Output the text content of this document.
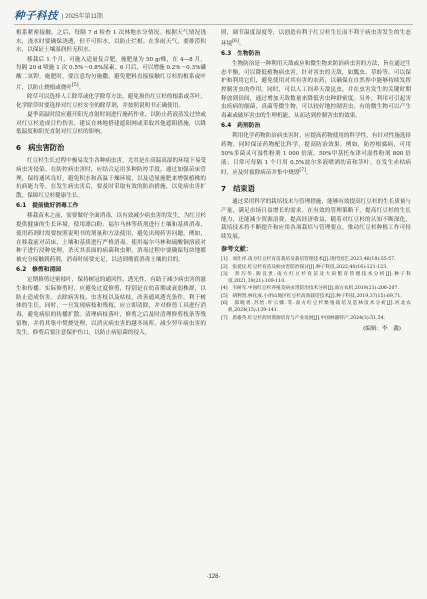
种子科技 | 2025年第11期

根系紧密接触。之后，每隔 7 d 检查 1 次林地水分情况。根据天气情况浇水，浇水时要确保浇透，但不可积水，以防止烂根。在多雨天气，要排涝积水，以保证土壤湿润但无积水。

移栽后 1 个月，可施入适量复合肥。施肥量为 50 g/株，在 4—8 月，每隔 20 d 喷施 1 次 0.5%～0.8%尿素，6 月后，可以增施 0.2%～0.3%磷酸二氢钾。施肥时，要注意均匀施撒，避免肥料直接接触红豆杉的根系或叶片，以防止烧根或烧叶[5]。

除草可以选择人工除草或化学除草方法，避免损伤红豆杉的根系或茎叶。化学除草时要选择对红豆杉安全的除草剂，并按照说明书正确使用。

夏季高温时段应避开阳光直射时间进行施药作业，以防止药液蒸发过快或对红豆杉造成日灼伤害。建议在林地搭建遮阳网或采取其他遮阳措施，以降低温度和阳光直射对红豆杉的影响。

6　病虫害防治

红豆杉生长过程中极易发生各种病虫害，尤其是在高温高湿的环境下易受病虫害侵染。在防控病虫害时，应结合运用多种防控手段，通过加强苗床管理，保持通风良好，避免积水和高温干燥环境，以及适量施肥来增强植株的抗病能力等。在发生病虫害后，要及时采取有效的防治措施，以免病虫害扩散，保障红豆杉健康生长。

6.1　提前做好消毒工作

移栽苗木之前，需要做好全面消毒，以有效减少病虫害的发生，为红豆杉提供健康的生长环境。使用漂白粉、福尔马林等药剂进行土壤和基质消毒，使用药剂时需要按照说明书的剂量和方法使用，避免出现药害问题。例如，在移栽前对苗床、土壤和基质进行严格消毒。使用福尔马林和硫酸铜溶液对种子进行浸种处理，杀灭其表面的病菌和虫卵。消毒过程中要确保每块地都被充分接触到药剂，消毒时间要充足，以达到彻底消毒土壤的目的。

6.2　修剪和清园

定期修剪过密枝叶，保持树冠的通风性、透光性，有助于减少病虫害的滋生和传播。实际修剪时，应避免过度修剪，特别是在幼苗期或衰弱株群，以防止造成伤害。去除病害枝、虫害枝以及枯枝，改善通风透光条件，利于树体的生长。同时，一旦发现病枝和残枝，应立即清除，并对修剪工具进行消毒，避免病原的传播扩散。清理病枝落叶，修剪之后及时清理修剪枝条等残留物，并将其集中焚烧处理，以消灭病虫害的越冬场所，减少翌年病虫害的发生。修剪后要注意保护伤口，以防止病原菌的侵入。

照，调节温度湿度等，以创造有利于红豆杉生长而不利于病虫害发生的生态环境[6]。

6.3　生物防治

生物防治是一种利用天敌或应和微生物来防治病虫害的方法，旨在通过生态平衡，可以降低植物病虫害。针对害虫的天敌，如瓢虫、草蛉等，可以保护和利用它们，避免使用对其有害的农药，以确保在自然界中能够持续发挥控制害虫的作用。同时，可以人工饲养天敌昆虫，并在虫害发生的关键时期释放到田间，通过增加天敌数量来降低害虫种群密度。另外，利用可引起害虫疾病的细菌、真菌等微生物，可以较好地控制害虫。有的微生物可以产生毒素或破坏害虫的生理机能，从而达到控制害虫的效果。

6.4　药剂防治

利用化学药物防治病虫害时，应提高药物使用的科学性，有针对性施选择药物，同时保证药物配比科学，提高防治效果。例如，防控根腐病，可用 50%多菌灵可湿性粉剂 1 000 倍液、50%甲基托布津可湿性粉剂 800 倍液；日常可每隔 1 个月用 0.5%波尔多液喷洒幼苗和茎叶。在发生赤枯病时，应及时拔除病苗并集中烧毁[7]。

7　结束语

通过采用科学的栽培技术与管理措施，能够有效提高红豆杉的生长质量与产量，满足市场日益增长的需求。在有效的管理策略下，提高红豆杉的生长能力，还能减少资源浪费，提高经济收益，随着对红豆杉的认知不断深化，栽培技术将不断提升和应用各项栽培与管理要点，推动红豆杉种植工作可持续发展。

参考文献：

[1]　刘仕祥.南方红豆杉育苗栽培及栽培管理技术[J].现代园艺,2023,46(18):55-57.

[2]　张爱民.红豆杉育苗及病虫害防治探讨[J].种子科技,2022,40(16):121-123.

[3]　彭巧华.陶良贵.南方红豆杉育苗及大田繁育管理技术分析[J].种子科技,2021,39(21):109-110.

[4]　韦树军.中国红豆杉养殖及病虫害防治技术分析[J].南方农机,2019(21):206-207.

[5]　胡利贤.林化成.小朗山地区红豆杉高效栽培技术[J].种子科技,2019,37(15):69,71.

[6]　邵晓勇.苏怡.叶云娜.等.南方红豆杉繁殖栽培及造林技术分析[J].河北农机,2024(15):139-141.

[7]　唐雄英.红豆杉药用资源培育与产业发展[J].中国林副特产,2024(3):51,54.

(编辑：李　鑫)

·128·
